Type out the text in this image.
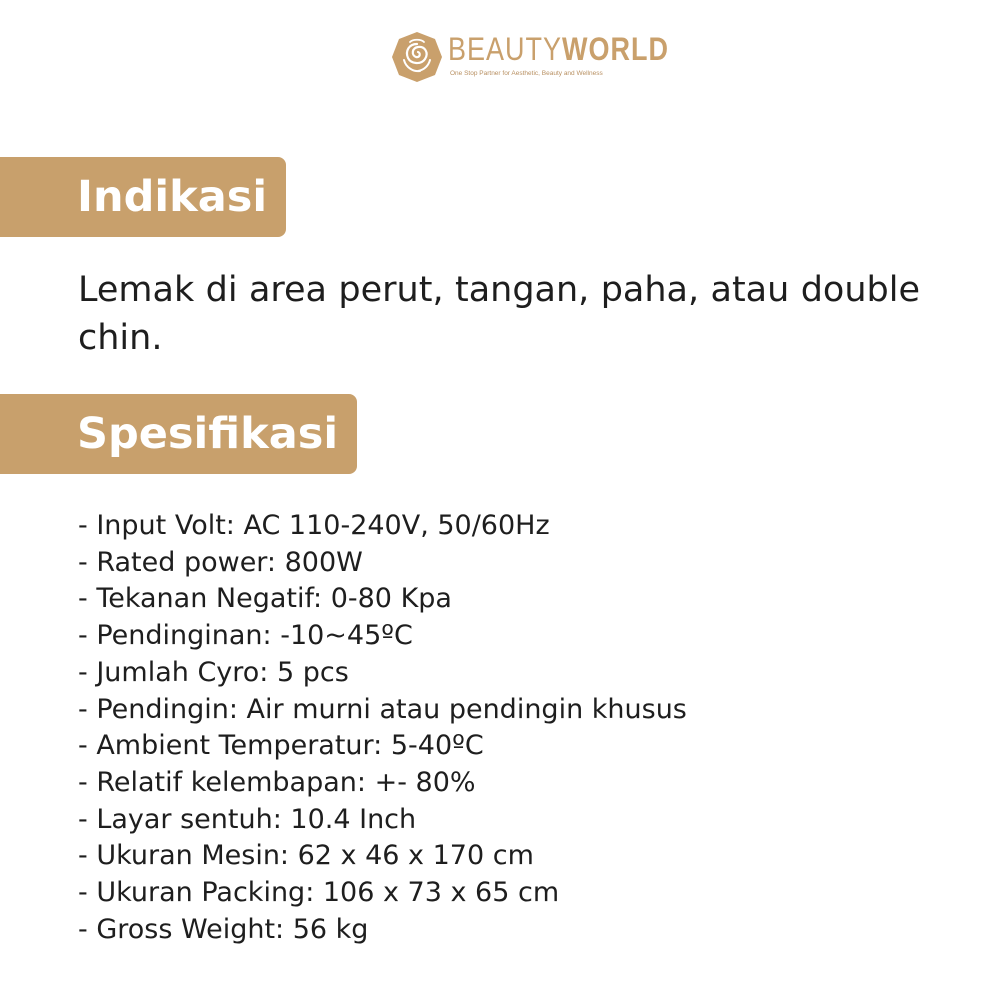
BEAUTYWORLD
One Stop Partner for Aesthetic, Beauty and Wellness
Indikasi

Lemak di area perut, tangan, paha, atau double chin.

Spesifikasi
- Input Volt: AC 110-240V, 50/60Hz
- Rated power: 800W
- Tekanan Negatif: 0-80 Kpa
- Pendinginan: -10~45ºC
- Jumlah Cyro: 5 pcs
- Pendingin: Air murni atau pendingin khusus
- Ambient Temperatur: 5-40ºC
- Relatif kelembapan: +- 80%
- Layar sentuh: 10.4 Inch
- Ukuran Mesin: 62 x 46 x 170 cm
- Ukuran Packing: 106 x 73 x 65 cm
- Gross Weight: 56 kg
